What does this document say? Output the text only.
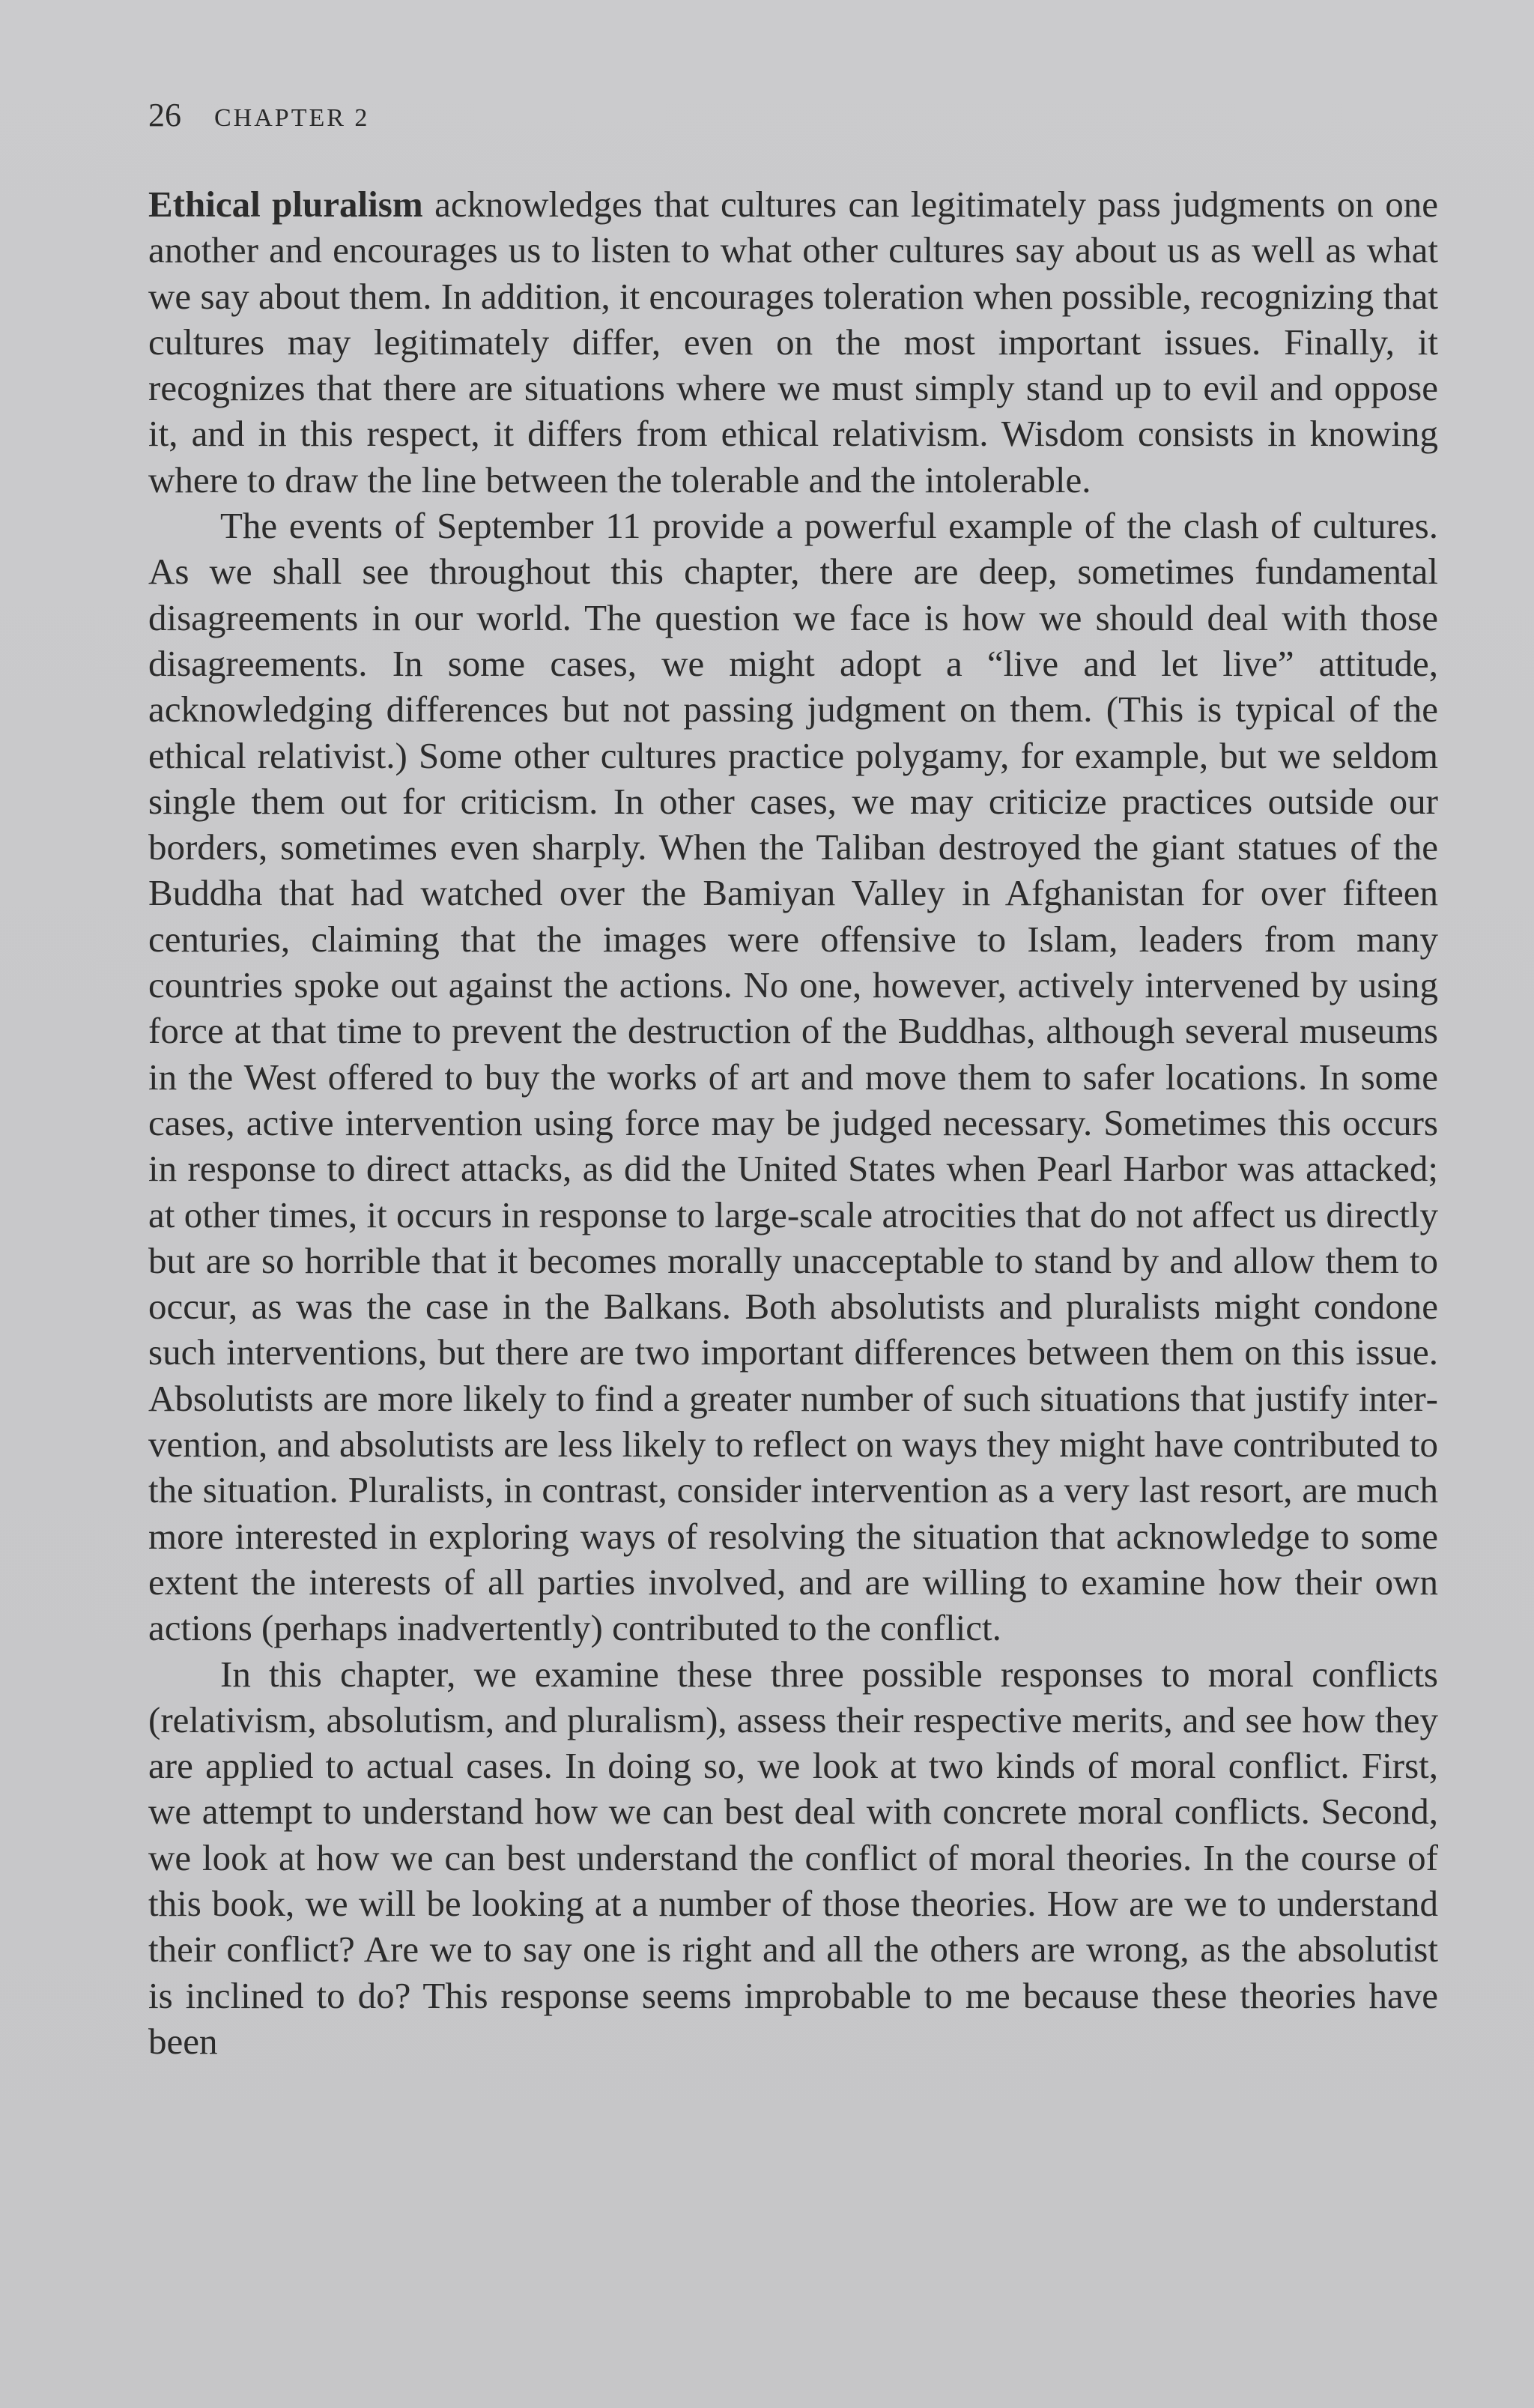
26 CHAPTER 2

Ethical pluralism acknowledges that cultures can legitimately pass judgments on one another and encourages us to listen to what other cultures say about us as well as what we say about them. In addition, it encourages toleration when possible, recognizing that cultures may legitimately differ, even on the most important issues. Finally, it recognizes that there are situations where we must simply stand up to evil and oppose it, and in this respect, it differs from ethical relativism. Wisdom consists in knowing where to draw the line between the tolerable and the intolerable.

The events of September 11 provide a powerful example of the clash of cultures. As we shall see throughout this chapter, there are deep, sometimes fundamental disagreements in our world. The question we face is how we should deal with those disagreements. In some cases, we might adopt a “live and let live” attitude, acknowledging differences but not passing judgment on them. (This is typical of the ethical relativist.) Some other cultures practice polygamy, for example, but we seldom single them out for criticism. In other cases, we may criticize practices outside our borders, sometimes even sharply. When the Taliban destroyed the giant statues of the Buddha that had watched over the Bamiyan Valley in Afghanistan for over fifteen centuries, claiming that the images were offensive to Islam, leaders from many countries spoke out against the actions. No one, however, actively intervened by using force at that time to prevent the destruction of the Buddhas, although several museums in the West offered to buy the works of art and move them to safer locations. In some cases, active intervention using force may be judged necessary. Sometimes this occurs in response to direct attacks, as did the United States when Pearl Harbor was attacked; at other times, it occurs in response to large-scale atrocities that do not affect us directly but are so horrible that it becomes morally unacceptable to stand by and allow them to occur, as was the case in the Balkans. Both absolutists and pluralists might condone such interventions, but there are two important differences between them on this issue. Absolutists are more likely to find a greater number of such situations that justify intervention, and absolutists are less likely to reflect on ways they might have contributed to the situation. Pluralists, in contrast, consider intervention as a very last resort, are much more interested in exploring ways of resolving the situation that acknowledge to some extent the interests of all parties involved, and are willing to examine how their own actions (perhaps inadvertently) contributed to the conflict.

In this chapter, we examine these three possible responses to moral conflicts (relativism, absolutism, and pluralism), assess their respective merits, and see how they are applied to actual cases. In doing so, we look at two kinds of moral conflict. First, we attempt to understand how we can best deal with concrete moral conflicts. Second, we look at how we can best understand the conflict of moral theories. In the course of this book, we will be looking at a number of those theories. How are we to understand their conflict? Are we to say one is right and all the others are wrong, as the absolutist is inclined to do? This response seems improbable to me because these theories have been
